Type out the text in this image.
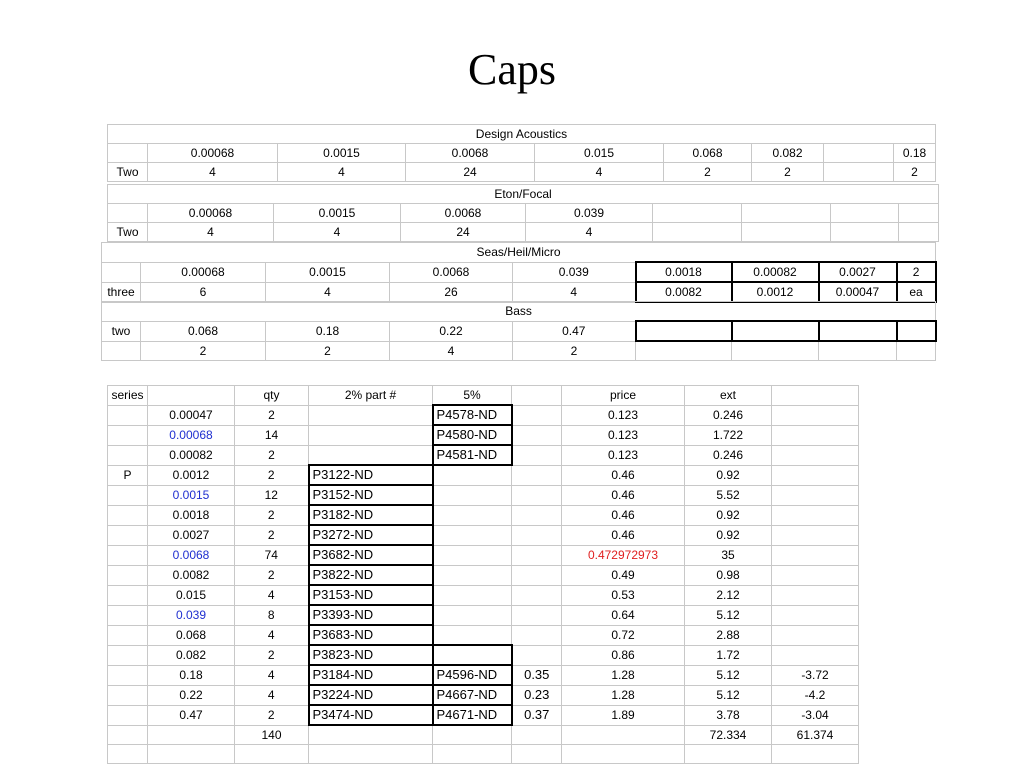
Caps
Design Acoustics								
	0.00068	0.0015	0.0068	0.015	0.068	0.082		0.18
Two	4	4	24	4	2	2		2
Eton/Focal								
	0.00068	0.0015	0.0068	0.039				
Two	4	4	24	4				
Seas/Heil/Micro								
	0.00068	0.0015	0.0068	0.039	0.0018	0.00082	0.0027	2
three	6	4	26	4	0.0082	0.0012	0.00047	ea
Bass								
two	0.068	0.18	0.22	0.47				
	2	2	4	2				
series		qty	2% part #	5%		price	ext	
	0.00047	2		P4578-ND		0.123	0.246	
	0.00068	14		P4580-ND		0.123	1.722	
	0.00082	2		P4581-ND		0.123	0.246	
P	0.0012	2	P3122-ND			0.46	0.92	
	0.0015	12	P3152-ND			0.46	5.52	
	0.0018	2	P3182-ND			0.46	0.92	
	0.0027	2	P3272-ND			0.46	0.92	
	0.0068	74	P3682-ND			0.472972973	35	
	0.0082	2	P3822-ND			0.49	0.98	
	0.015	4	P3153-ND			0.53	2.12	
	0.039	8	P3393-ND			0.64	5.12	
	0.068	4	P3683-ND			0.72	2.88	
	0.082	2	P3823-ND			0.86	1.72	
	0.18	4	P3184-ND	P4596-ND	0.35	1.28	5.12	-3.72
	0.22	4	P3224-ND	P4667-ND	0.23	1.28	5.12	-4.2
	0.47	2	P3474-ND	P4671-ND	0.37	1.89	3.78	-3.04
		140					72.334	61.374
